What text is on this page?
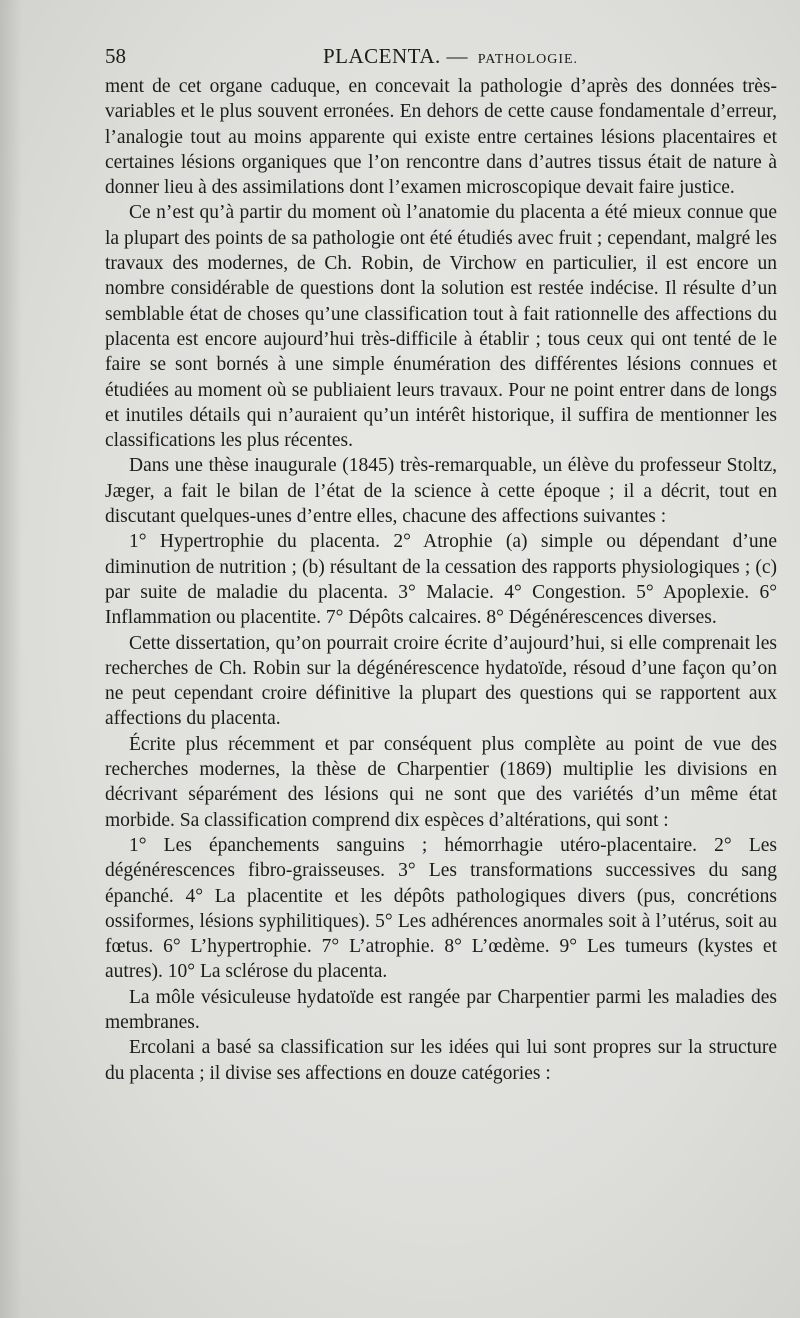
58	PLACENTA. — PATHOLOGIE.

ment de cet organe caduque, en concevait la pathologie d’après des données très-variables et le plus souvent erronées. En dehors de cette cause fondamentale d’erreur, l’analogie tout au moins apparente qui existe entre certaines lésions placentaires et certaines lésions organiques que l’on rencontre dans d’autres tissus était de nature à donner lieu à des assimilations dont l’examen microscopique devait faire justice.

Ce n’est qu’à partir du moment où l’anatomie du placenta a été mieux connue que la plupart des points de sa pathologie ont été étudiés avec fruit ; cependant, malgré les travaux des modernes, de Ch. Robin, de Virchow en particulier, il est encore un nombre considérable de questions dont la solution est restée indécise. Il résulte d’un semblable état de choses qu’une classification tout à fait rationnelle des affections du placenta est encore aujourd’hui très-difficile à établir ; tous ceux qui ont tenté de le faire se sont bornés à une simple énumération des différentes lésions connues et étudiées au moment où se publiaient leurs travaux. Pour ne point entrer dans de longs et inutiles détails qui n’auraient qu’un intérêt historique, il suffira de mentionner les classifications les plus récentes.

Dans une thèse inaugurale (1845) très-remarquable, un élève du professeur Stoltz, Jæger, a fait le bilan de l’état de la science à cette époque ; il a décrit, tout en discutant quelques-unes d’entre elles, chacune des affections suivantes :

1° Hypertrophie du placenta. 2° Atrophie (a) simple ou dépendant d’une diminution de nutrition ; (b) résultant de la cessation des rapports physiologiques ; (c) par suite de maladie du placenta. 3° Malacie. 4° Congestion. 5° Apoplexie. 6° Inflammation ou placentite. 7° Dépôts calcaires. 8° Dégénérescences diverses.

Cette dissertation, qu’on pourrait croire écrite d’aujourd’hui, si elle comprenait les recherches de Ch. Robin sur la dégénérescence hydatoïde, résoud d’une façon qu’on ne peut cependant croire définitive la plupart des questions qui se rapportent aux affections du placenta.

Écrite plus récemment et par conséquent plus complète au point de vue des recherches modernes, la thèse de Charpentier (1869) multiplie les divisions en décrivant séparément des lésions qui ne sont que des variétés d’un même état morbide. Sa classification comprend dix espèces d’altérations, qui sont :

1° Les épanchements sanguins ; hémorrhagie utéro-placentaire. 2° Les dégénérescences fibro-graisseuses. 3° Les transformations successives du sang épanché. 4° La placentite et les dépôts pathologiques divers (pus, concrétions ossiformes, lésions syphilitiques). 5° Les adhérences anormales soit à l’utérus, soit au fœtus. 6° L’hypertrophie. 7° L’atrophie. 8° L’œdème. 9° Les tumeurs (kystes et autres). 10° La sclérose du placenta.

La môle vésiculeuse hydatoïde est rangée par Charpentier parmi les maladies des membranes.

Ercolani a basé sa classification sur les idées qui lui sont propres sur la structure du placenta ; il divise ses affections en douze catégories :
